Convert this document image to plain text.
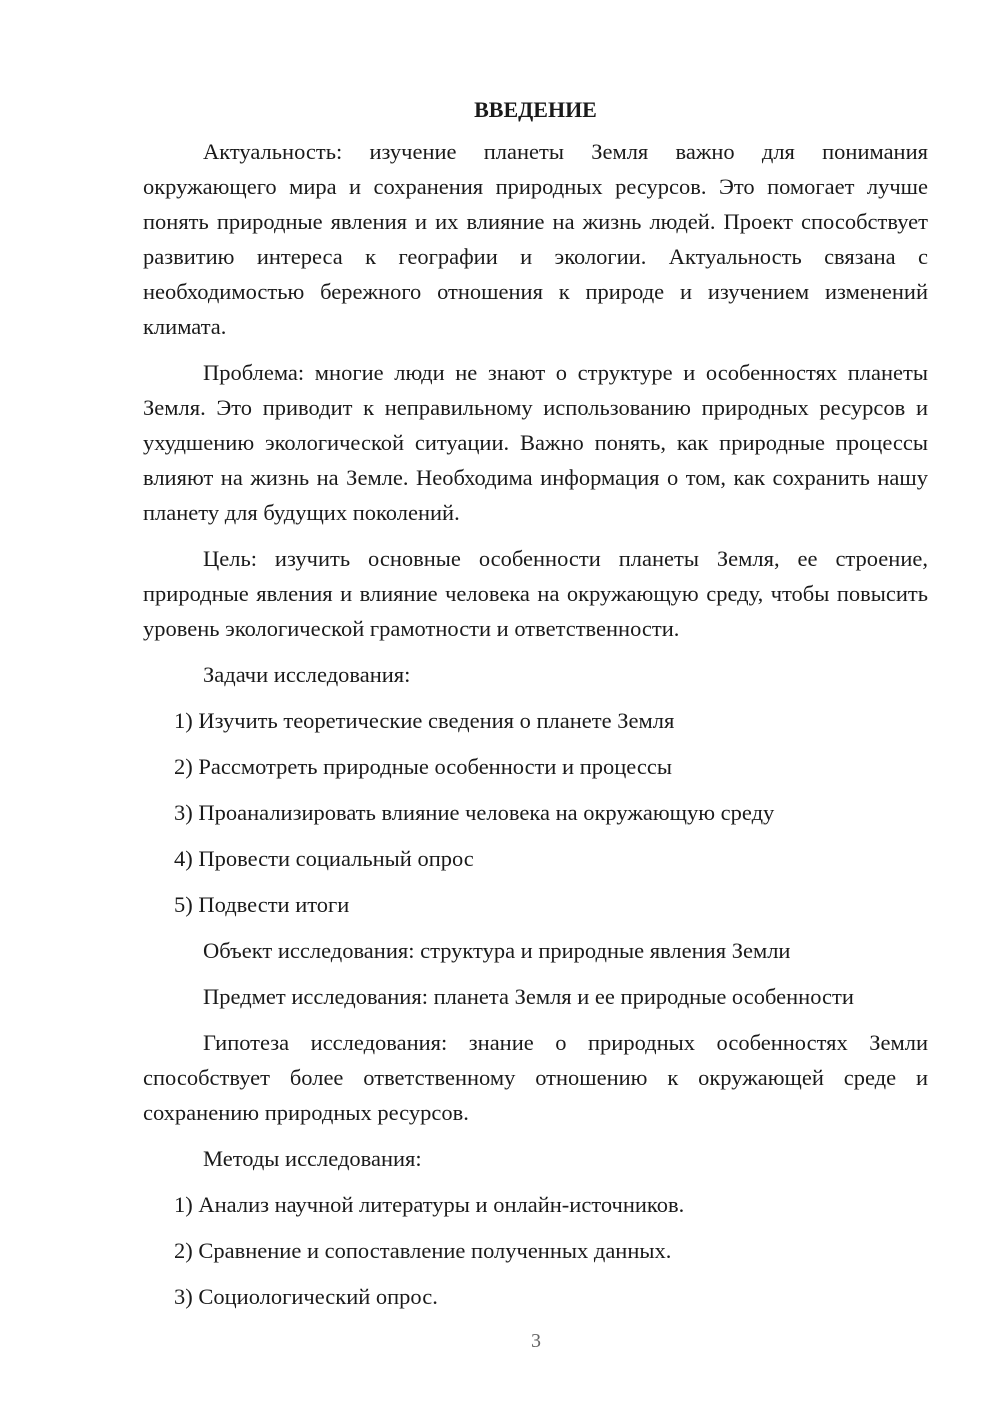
ВВЕДЕНИЕ

Актуальность: изучение планеты Земля важно для понимания окружающего мира и сохранения природных ресурсов. Это помогает лучше понять природные явления и их влияние на жизнь людей. Проект способствует развитию интереса к географии и экологии. Актуальность связана с необходимостью бережного отношения к природе и изучением изменений климата.

Проблема: многие люди не знают о структуре и особенностях планеты Земля. Это приводит к неправильному использованию природных ресурсов и ухудшению экологической ситуации. Важно понять, как природные процессы влияют на жизнь на Земле. Необходима информация о том, как сохранить нашу планету для будущих поколений.

Цель: изучить основные особенности планеты Земля, ее строение, природные явления и влияние человека на окружающую среду, чтобы повысить уровень экологической грамотности и ответственности.

Задачи исследования:

1) Изучить теоретические сведения о планете Земля

2) Рассмотреть природные особенности и процессы

3) Проанализировать влияние человека на окружающую среду

4) Провести социальный опрос

5) Подвести итоги

Объект исследования: структура и природные явления Земли

Предмет исследования: планета Земля и ее природные особенности

Гипотеза исследования: знание о природных особенностях Земли способствует более ответственному отношению к окружающей среде и сохранению природных ресурсов.

Методы исследования:

1) Анализ научной литературы и онлайн-источников.

2) Сравнение и сопоставление полученных данных.

3) Социологический опрос.

3
